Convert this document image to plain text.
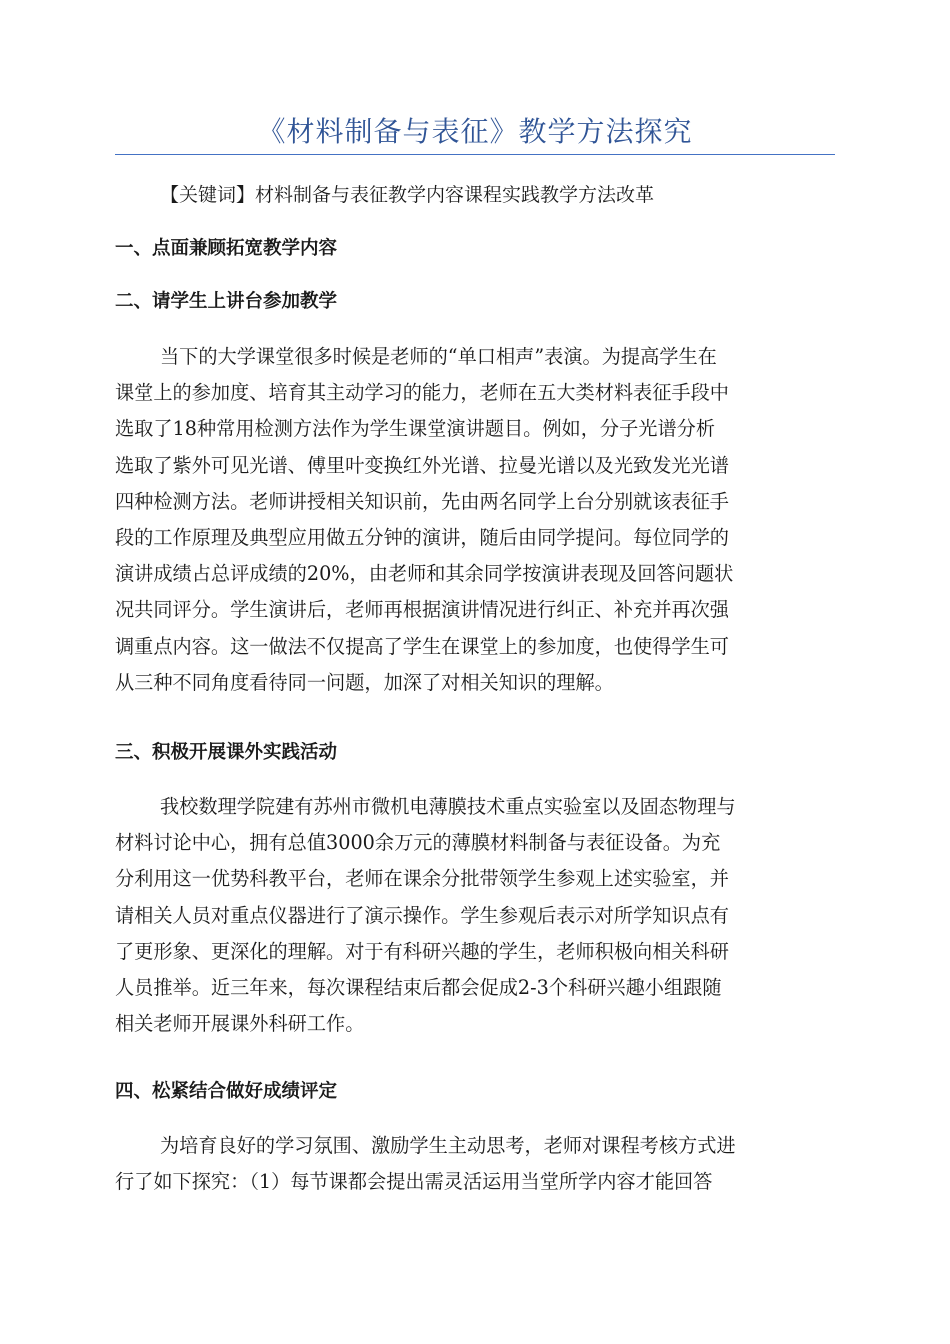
《材料制备与表征》教学方法探究
【关键词】材料制备与表征教学内容课程实践教学方法改革
一、点面兼顾拓宽教学内容
二、请学生上讲台参加教学
当下的大学课堂很多时候是老师的“单口相声”表演。为提高学生在
课堂上的参加度、培育其主动学习的能力，老师在五大类材料表征手段中
选取了18种常用检测方法作为学生课堂演讲题目。例如，分子光谱分析
选取了紫外可见光谱、傅里叶变换红外光谱、拉曼光谱以及光致发光光谱
四种检测方法。老师讲授相关知识前，先由两名同学上台分别就该表征手
段的工作原理及典型应用做五分钟的演讲，随后由同学提问。每位同学的
演讲成绩占总评成绩的20%，由老师和其余同学按演讲表现及回答问题状
况共同评分。学生演讲后，老师再根据演讲情况进行纠正、补充并再次强
调重点内容。这一做法不仅提高了学生在课堂上的参加度，也使得学生可
从三种不同角度看待同一问题，加深了对相关知识的理解。
三、积极开展课外实践活动
我校数理学院建有苏州市微机电薄膜技术重点实验室以及固态物理与
材料讨论中心，拥有总值3000余万元的薄膜材料制备与表征设备。为充
分利用这一优势科教平台，老师在课余分批带领学生参观上述实验室，并
请相关人员对重点仪器进行了演示操作。学生参观后表示对所学知识点有
了更形象、更深化的理解。对于有科研兴趣的学生，老师积极向相关科研
人员推举。近三年来，每次课程结束后都会促成2-3个科研兴趣小组跟随
相关老师开展课外科研工作。
四、松紧结合做好成绩评定
为培育良好的学习氛围、激励学生主动思考，老师对课程考核方式进
行了如下探究：（1）每节课都会提出需灵活运用当堂所学内容才能回答
